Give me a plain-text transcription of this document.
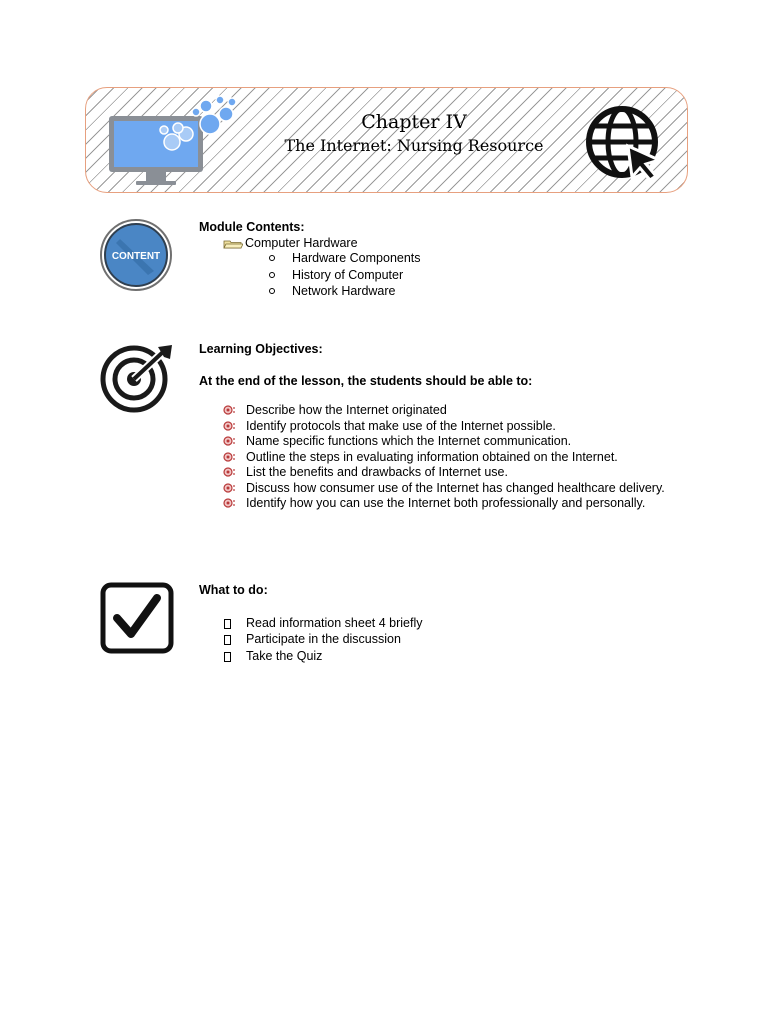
Chapter IV
The Internet: Nursing Resource
CONTENT
Module Contents:
Computer Hardware
Hardware Components
History of Computer
Network Hardware
Learning Objectives:
At the end of the lesson, the students should be able to:
Describe how the Internet originated
Identify protocols that make use of the Internet possible.
Name specific functions which the Internet communication.
Outline the steps in evaluating information obtained on the Internet.
List the benefits and drawbacks of Internet use.
Discuss how consumer use of the Internet has changed healthcare delivery.
Identify how you can use the Internet both professionally and personally.
What to do:
Read information sheet 4 briefly
Participate in the discussion
Take the Quiz
